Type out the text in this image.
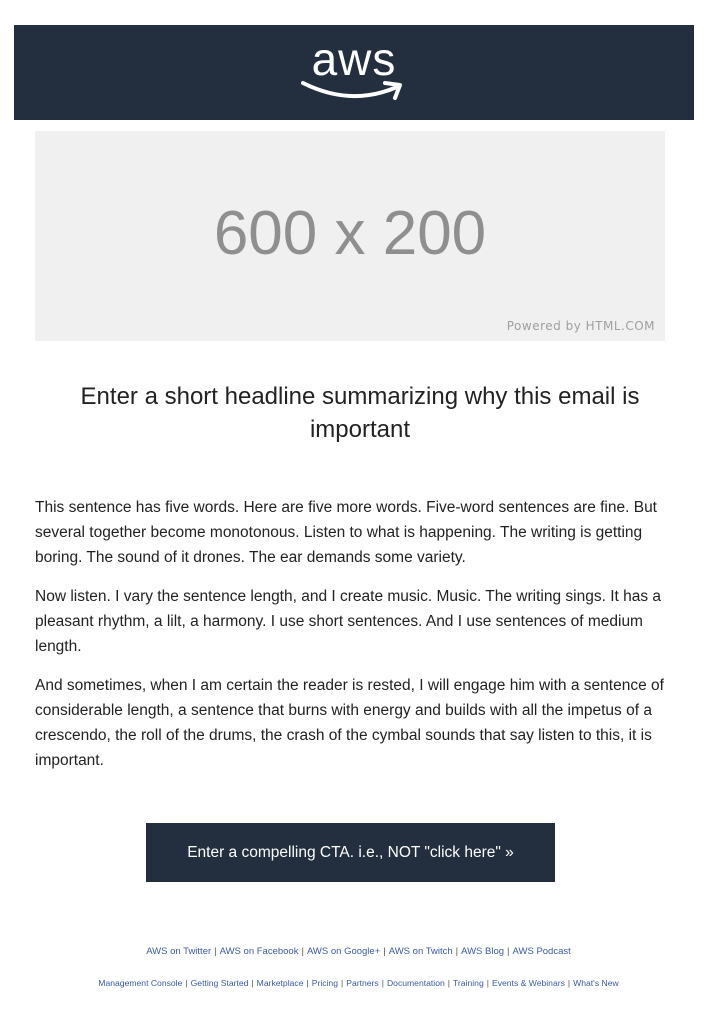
aws
600 x 200
Powered by HTML.COM
Enter a short headline summarizing why this email is important

This sentence has five words. Here are five more words. Five-word sentences are fine. But several together become monotonous. Listen to what is happening. The writing is getting boring. The sound of it drones. The ear demands some variety.

Now listen. I vary the sentence length, and I create music. Music. The writing sings. It has a pleasant rhythm, a lilt, a harmony. I use short sentences. And I use sentences of medium length.

And sometimes, when I am certain the reader is rested, I will engage him with a sentence of considerable length, a sentence that burns with energy and builds with all the impetus of a crescendo, the roll of the drums, the crash of the cymbal sounds that say listen to this, it is important.

Enter a compelling CTA. i.e., NOT "click here" »
AWS on Twitter | AWS on Facebook | AWS on Google+ | AWS on Twitch | AWS Blog | AWS Podcast
Management Console | Getting Started | Marketplace | Pricing | Partners | Documentation | Training | Events & Webinars | What's New
